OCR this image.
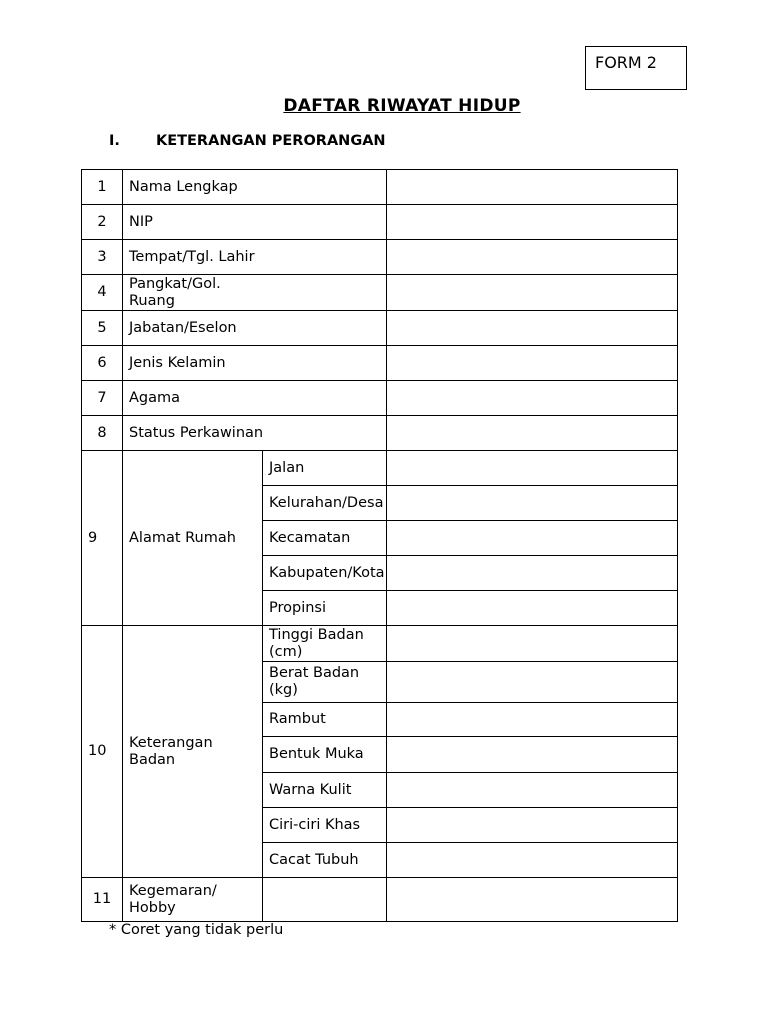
FORM 2
DAFTAR RIWAYAT HIDUP
I. KETERANGAN PERORANGAN
1	Nama Lengkap		
2	NIP		
3	Tempat/Tgl. Lahir		
4	Pangkat/Gol. Ruang		

5	Jabatan/Eselon		
6	Jenis Kelamin		
7	Agama		
8	Status Perkawinan		
9	Alamat Rumah	Jalan	
		Kelurahan/Desa	
		Kecamatan	
		Kabupaten/Kota	
		Propinsi	
10	Keterangan Badan	Tinggi Badan (cm)	

		Berat Badan (kg)	

		Rambut	
		Bentuk Muka	
		Warna Kulit	
		Ciri-ciri Khas	
		Cacat Tubuh	
11	Kegemaran/ Hobby		

* Coret yang tidak perlu
